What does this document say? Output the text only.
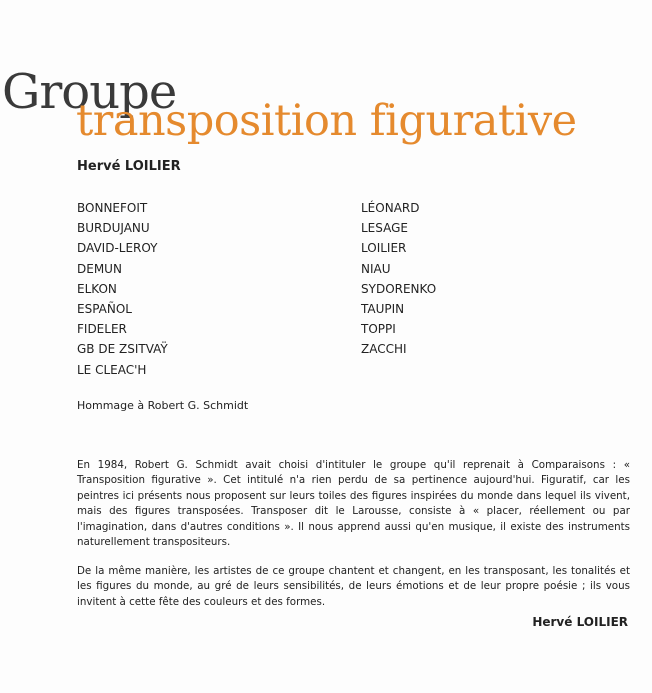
Groupe
transposition figurative
Hervé LOILIER
BONNEFOIT
BURDUJANU
DAVID-LEROY
DEMUN
ELKON
ESPAÑOL
FIDELER
GB DE ZSITVAŸ
LE CLEAC'H
LÉONARD
LESAGE
LOILIER
NIAU
SYDORENKO
TAUPIN
TOPPI
ZACCHI
Hommage à Robert G. Schmidt

En 1984, Robert G. Schmidt avait choisi d'intituler le groupe qu'il reprenait à Comparaisons : « Transposition figurative ». Cet intitulé n'a rien perdu de sa pertinence aujourd'hui. Figuratif, car les peintres ici présents nous proposent sur leurs toiles des figures inspirées du monde dans lequel ils vivent, mais des figures transposées. Transposer dit le Larousse, consiste à « placer, réellement ou par l'imagination, dans d'autres conditions ». Il nous apprend aussi qu'en musique, il existe des instruments naturellement transpositeurs.

De la même manière, les artistes de ce groupe chantent et changent, en les transposant, les tonalités et les figures du monde, au gré de leurs sensibilités, de leurs émotions et de leur propre poésie ; ils vous invitent à cette fête des couleurs et des formes.

Hervé LOILIER
